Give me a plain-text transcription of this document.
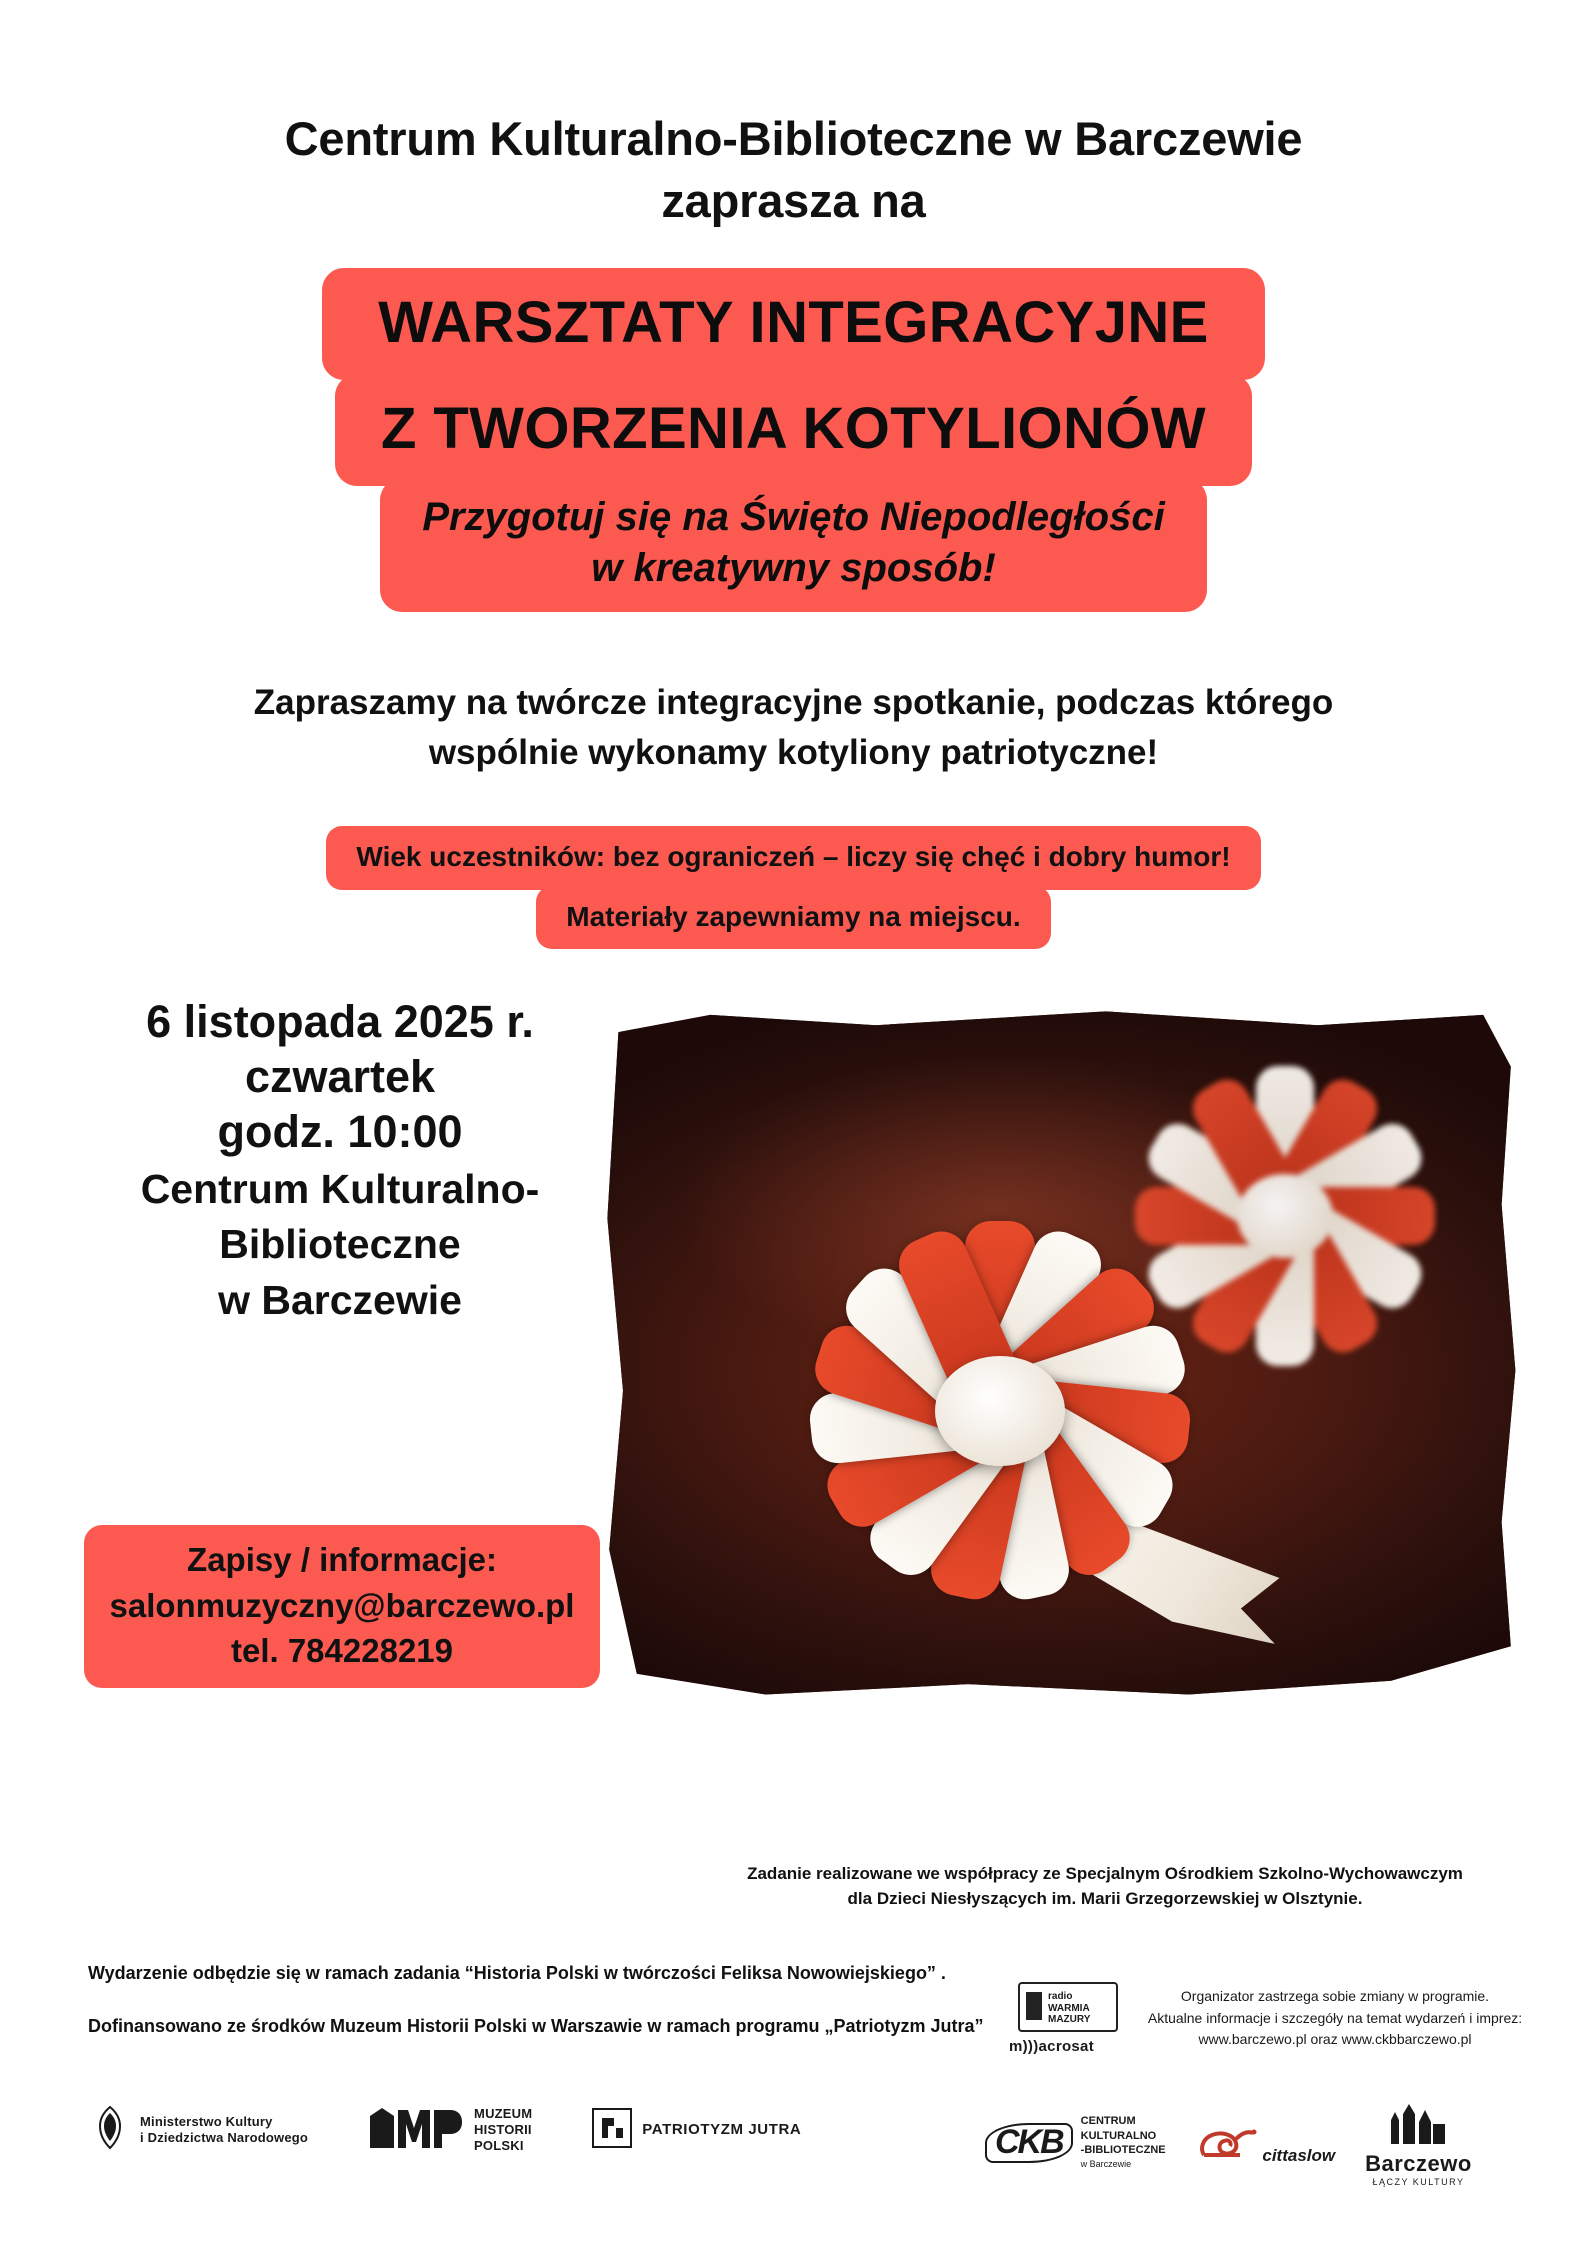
Centrum Kulturalno-Biblioteczne w Barczewie
zaprasza na
WARSZTATY INTEGRACYJNE
Z TWORZENIA KOTYLIONÓW
Przygotuj się na Święto Niepodległości
w kreatywny sposób!
Zapraszamy na twórcze integracyjne spotkanie, podczas którego
wspólnie wykonamy kotyliony patriotyczne!
Wiek uczestników: bez ograniczeń – liczy się chęć i dobry humor!
Materiały zapewniamy na miejscu.
6 listopada 2025 r.
czwartek
godz. 10:00
Centrum Kulturalno-
Biblioteczne
w Barczewie
Zapisy / informacje:
salonmuzyczny@barczewo.pl
tel. 784228219
Zadanie realizowane we współpracy ze Specjalnym Ośrodkiem Szkolno-Wychowawczym
dla Dzieci Niesłyszących im. Marii Grzegorzewskiej w Olsztynie.
Wydarzenie odbędzie się w ramach zadania “Historia Polski w twórczości Feliksa Nowowiejskiego” .
Dofinansowano ze środków Muzeum Historii Polski w Warszawie w ramach programu „Patriotyzm Jutra”
Ministerstwo Kultury
i Dziedzictwa Narodowego
MUZEUM
HISTORII
POLSKI
PATRIOTYZM JUTRA
Organizator zastrzega sobie zmiany w programie.
Aktualne informacje i szczegóły na temat wydarzeń i imprez:
www.barczewo.pl oraz www.ckbbarczewo.pl
radio
WARMIA
MAZURY
m)))acrosat
CKB
CENTRUM
KULTURALNO
-BIBLIOTECZNE
w Barczewie	cittaslow Barczewo
ŁĄCZY KULTURY
